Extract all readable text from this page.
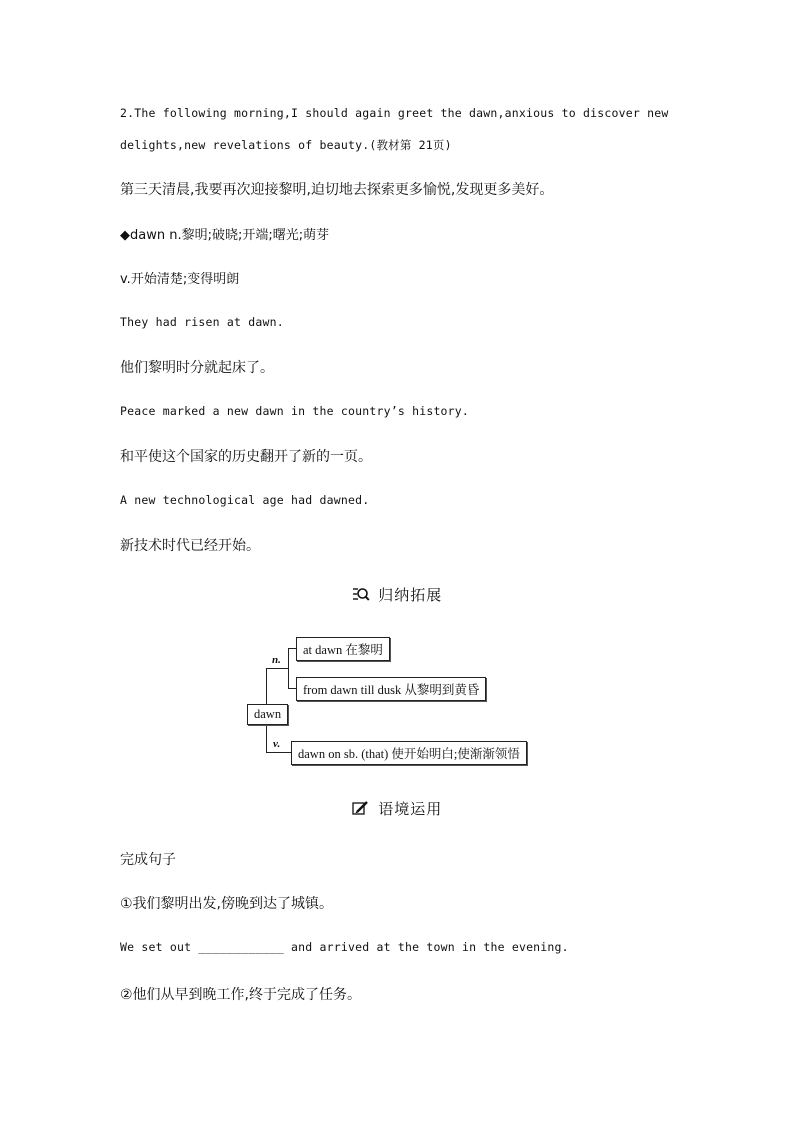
2.The following morning,I should again greet the dawn,anxious to discover new
delights,new revelations of beauty.(教材第 21页)
第三天清晨,我要再次迎接黎明,迫切地去探索更多愉悦,发现更多美好。
◆dawn n.黎明;破晓;开端;曙光;萌芽
v.开始清楚;变得明朗
They had risen at dawn.
他们黎明时分就起床了。
Peace marked a new dawn in the country’s history.
和平使这个国家的历史翻开了新的一页。
A new technological age had dawned.
新技术时代已经开始。
归纳拓展
n.
v.
dawn
at dawn 在黎明
from dawn till dusk 从黎明到黄昏
dawn on sb. (that) 使开始明白;使渐渐领悟
语境运用
完成句子
①我们黎明出发,傍晚到达了城镇。
We set out ____________ and arrived at the town in the evening.
②他们从早到晚工作,终于完成了任务。
